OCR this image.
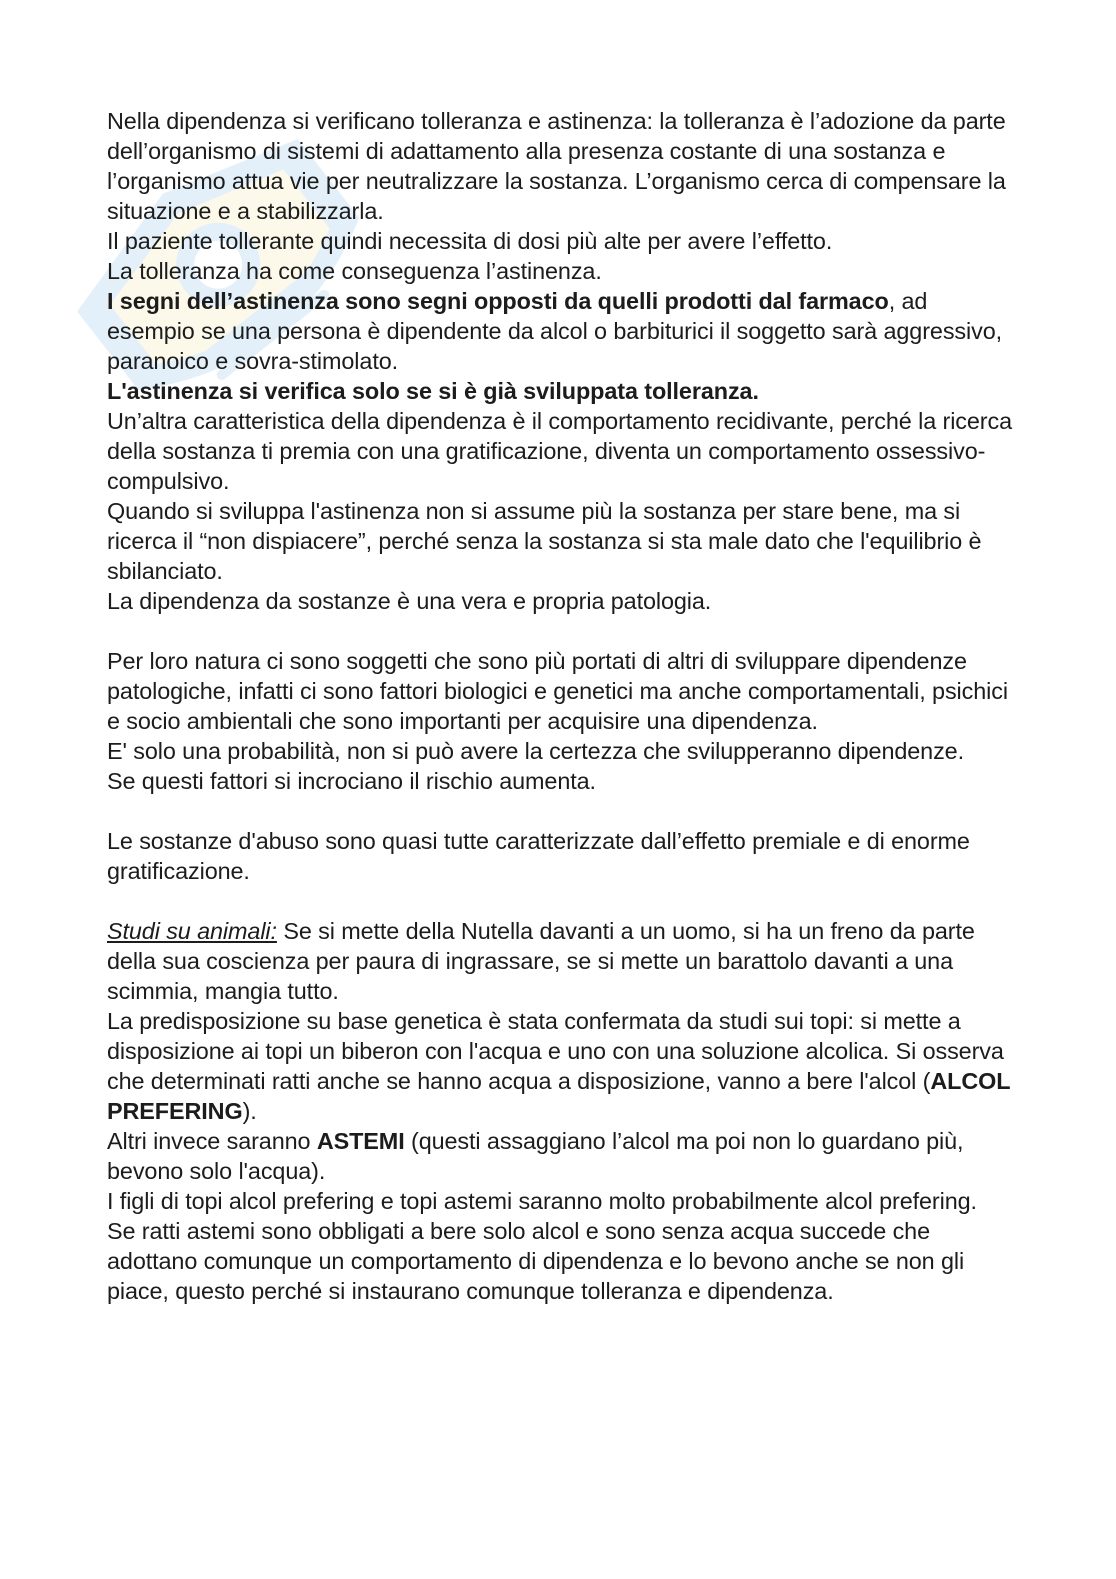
Nella dipendenza si verificano tolleranza e astinenza: la tolleranza è l’adozione da parte dell’organismo di sistemi di adattamento alla presenza costante di una sostanza e l’organismo attua vie per neutralizzare la sostanza. L’organismo cerca di compensare la situazione e a stabilizzarla.

Il paziente tollerante quindi necessita di dosi più alte per avere l’effetto.

La tolleranza ha come conseguenza l’astinenza.

I segni dell’astinenza sono segni opposti da quelli prodotti dal farmaco, ad esempio se una persona è dipendente da alcol o barbiturici il soggetto sarà aggressivo, paranoico e sovra-stimolato.

L'astinenza si verifica solo se si è già sviluppata tolleranza.

Un’altra caratteristica della dipendenza è il comportamento recidivante, perché la ricerca della sostanza ti premia con una gratificazione, diventa un comportamento ossessivo-compulsivo.

Quando si sviluppa l'astinenza non si assume più la sostanza per stare bene, ma si ricerca il “non dispiacere”, perché senza la sostanza si sta male dato che l'equilibrio è sbilanciato.

La dipendenza da sostanze è una vera e propria patologia.

Per loro natura ci sono soggetti che sono più portati di altri di sviluppare dipendenze patologiche, infatti ci sono fattori biologici e genetici ma anche comportamentali, psichici e socio ambientali che sono importanti per acquisire una dipendenza.

E' solo una probabilità, non si può avere la certezza che svilupperanno dipendenze.

Se questi fattori si incrociano il rischio aumenta.

Le sostanze d'abuso sono quasi tutte caratterizzate dall’effetto premiale e di enorme gratificazione.

Studi su animali: Se si mette della Nutella davanti a un uomo, si ha un freno da parte della sua coscienza per paura di ingrassare, se si mette un barattolo davanti a una scimmia, mangia tutto.

La predisposizione su base genetica è stata confermata da studi sui topi: si mette a disposizione ai topi un biberon con l'acqua e uno con una soluzione alcolica. Si osserva che determinati ratti anche se hanno acqua a disposizione, vanno a bere l'alcol (ALCOL PREFERING).

Altri invece saranno ASTEMI (questi assaggiano l’alcol ma poi non lo guardano più, bevono solo l'acqua).

I figli di topi alcol prefering e topi astemi saranno molto probabilmente alcol prefering.

Se ratti astemi sono obbligati a bere solo alcol e sono senza acqua succede che adottano comunque un comportamento di dipendenza e lo bevono anche se non gli piace, questo perché si instaurano comunque tolleranza e dipendenza.
